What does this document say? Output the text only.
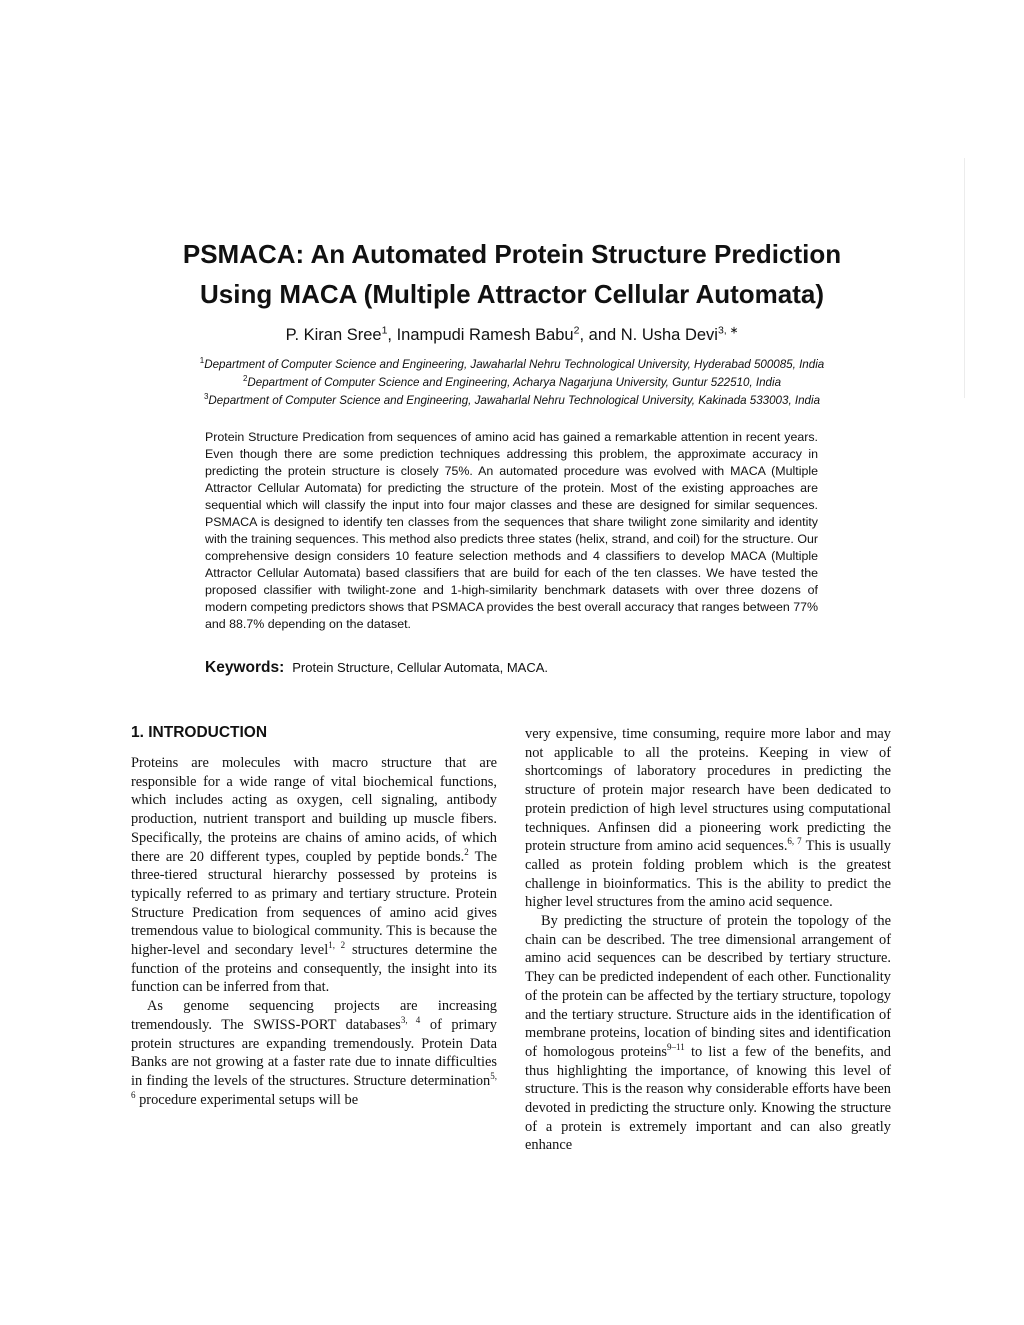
PSMACA: An Automated Protein Structure Prediction
Using MACA (Multiple Attractor Cellular Automata)
P. Kiran Sree$^1$, Inampudi Ramesh Babu$^2$, and N. Usha Devi$^{3, ∗}$
$^1$Department of Computer Science and Engineering, Jawaharlal Nehru Technological University, Hyderabad 500085, India
$^2$Department of Computer Science and Engineering, Acharya Nagarjuna University, Guntur 522510, India
$^3$Department of Computer Science and Engineering, Jawaharlal Nehru Technological University, Kakinada 533003, India

Protein Structure Predication from sequences of amino acid has gained a remarkable attention in recent years. Even though there are some prediction techniques addressing this problem, the approximate accuracy in predicting the protein structure is closely 75%. An automated procedure was evolved with MACA (Multiple Attractor Cellular Automata) for predicting the structure of the protein. Most of the existing approaches are sequential which will classify the input into four major classes and these are designed for similar sequences. PSMACA is designed to identify ten classes from the sequences that share twilight zone similarity and identity with the training sequences. This method also predicts three states (helix, strand, and coil) for the structure. Our comprehensive design considers 10 feature selection methods and 4 classifiers to develop MACA (Multiple Attractor Cellular Automata) based classifiers that are build for each of the ten classes. We have tested the proposed classifier with twilight-zone and 1-high-similarity benchmark datasets with over three dozens of modern competing predictors shows that PSMACA provides the best overall accuracy that ranges between 77% and 88.7% depending on the dataset.

Keywords: Protein Structure, Cellular Automata, MACA.
1. INTRODUCTION

Proteins are molecules with macro structure that are responsible for a wide range of vital biochemical functions, which includes acting as oxygen, cell signaling, antibody production, nutrient transport and building up muscle fibers. Specifically, the proteins are chains of amino acids, of which there are 20 different types, coupled by peptide bonds.$^2$ The three-tiered structural hierarchy possessed by proteins is typically referred to as primary and tertiary structure. Protein Structure Predication from sequences of amino acid gives tremendous value to biological community. This is because the higher-level and secondary level$^{1, 2}$ structures determine the function of the proteins and consequently, the insight into its function can be inferred from that.

As genome sequencing projects are increasing tremendously. The SWISS-PORT databases$^{3, 4}$ of primary protein structures are expanding tremendously. Protein Data Banks are not growing at a faster rate due to innate difficulties in finding the levels of the structures. Structure determination$^{5, 6}$ procedure experimental setups will be

very expensive, time consuming, require more labor and may not applicable to all the proteins. Keeping in view of shortcomings of laboratory procedures in predicting the structure of protein major research have been dedicated to protein prediction of high level structures using computational techniques. Anfinsen did a pioneering work predicting the protein structure from amino acid sequences.$^{6, 7}$ This is usually called as protein folding problem which is the greatest challenge in bioinformatics. This is the ability to predict the higher level structures from the amino acid sequence.

By predicting the structure of protein the topology of the chain can be described. The tree dimensional arrangement of amino acid sequences can be described by tertiary structure. They can be predicted independent of each other. Functionality of the protein can be affected by the tertiary structure, topology and the tertiary structure. Structure aids in the identification of membrane proteins, location of binding sites and identification of homologous proteins$^{9-11}$ to list a few of the benefits, and thus highlighting the importance, of knowing this level of structure. This is the reason why considerable efforts have been devoted in predicting the structure only. Knowing the structure of a protein is extremely important and can also greatly enhance
